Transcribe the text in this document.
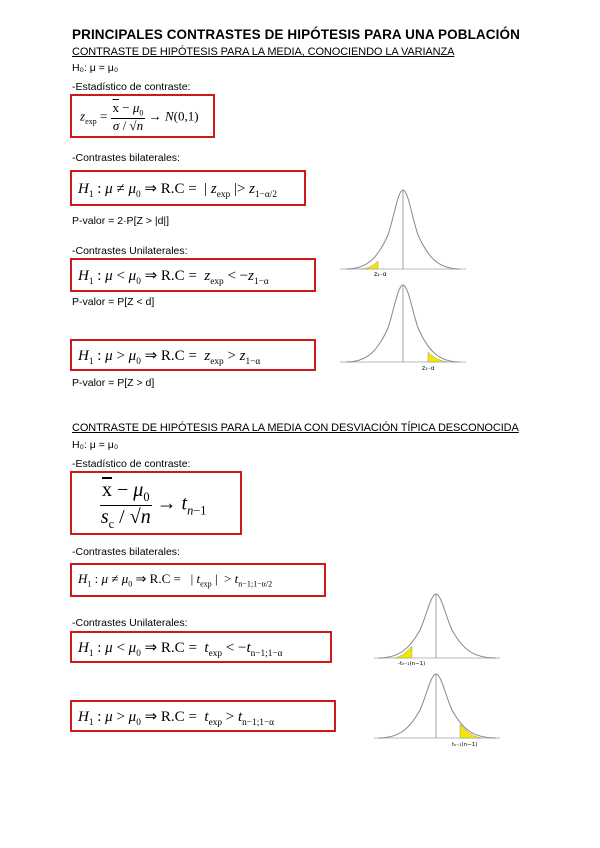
PRINCIPALES CONTRASTES DE HIPÓTESIS PARA UNA POBLACIÓN
CONTRASTE DE HIPÓTESIS PARA LA MEDIA, CONOCIENDO LA VARIANZA
H₀: μ = μ₀
-Estadístico de contraste:
$z_{exp} = \frac{\overline{x} - \mu_0}{\sigma / √n} \to N(0,1)$
-Contrastes bilaterales:
$H_1$ : $\mu \ne \mu_0$ ⇒ R.C =  | $z_{exp}$ |> $z_{1-\alpha/2}$
P-valor = 2·P[Z > |d|]
-Contrastes Unilaterales:
$H_1$ : $\mu < \mu_0$ ⇒ $R.C = z_{exp} < -z_{1-\alpha}$
P-valor = P[Z < d]
$H_1$ : $\mu > \mu_0$ ⇒ $R.C = z_{exp} > z_{1-\alpha}$
P-valor = P[Z > d]
z₁₋α
z₁₋α
CONTRASTE DE HIPÓTESIS PARA LA MEDIA CON DESVIACIÓN TÍPICA DESCONOCIDA
H₀: μ = μ₀
-Estadístico de contraste:
$\frac{\overline{x} - \mu_0}{s_c / √n} \to t_{n-1}$
-Contrastes bilaterales:
$H_1$ : $\mu \ne \mu_0$ ⇒ R.C =   | $t_{exp}$ |  > $t_{n-1;1-\alpha/2}$
-Contrastes Unilaterales:
$H_1$ : $\mu < \mu_0$ ⇒ $R.C = t_{exp} < -t_{n-1;1-\alpha}$
$H_1$ : $\mu > \mu_0$ ⇒ $R.C = t_{exp} > t_{n-1;1-\alpha}$
-tₙ₋₁(n−1)
tₙ₋₁(n−1)
